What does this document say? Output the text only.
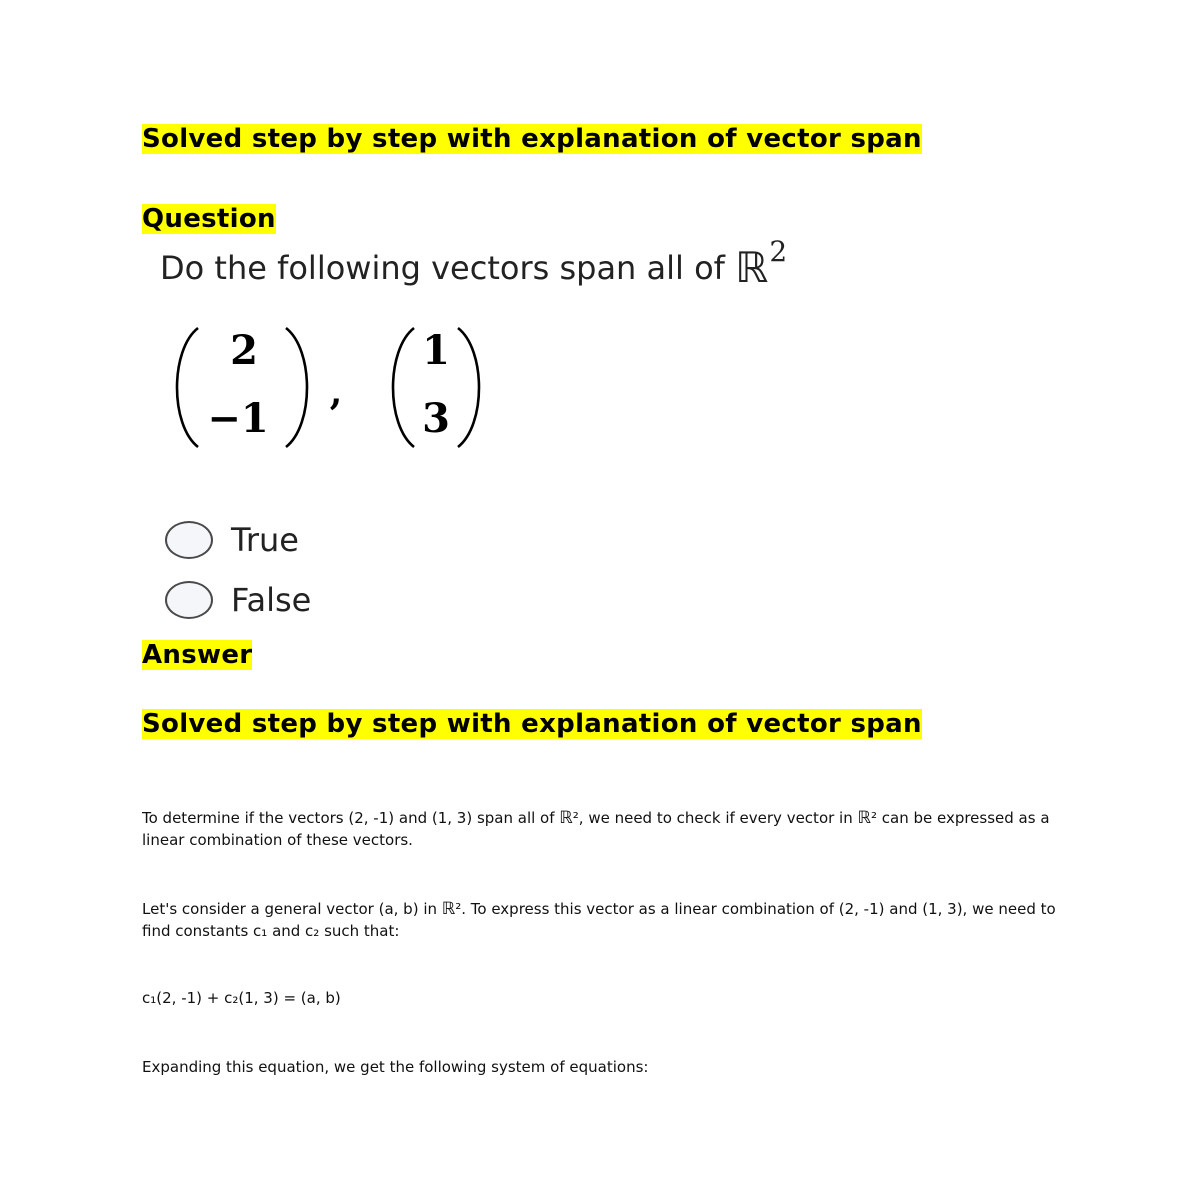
Solved step by step with explanation of vector span
Question
Do the following vectors span all of ℝ2
2
−1
,
1
3
True
False
Answer
Solved step by step with explanation of vector span

To determine if the vectors (2, -1) and (1, 3) span all of ℝ², we need to check if every vector in ℝ² can be expressed as a linear combination of these vectors.

Let's consider a general vector (a, b) in ℝ². To express this vector as a linear combination of (2, -1) and (1, 3), we need to find constants c₁ and c₂ such that:

c₁(2, -1) + c₂(1, 3) = (a, b)

Expanding this equation, we get the following system of equations:
